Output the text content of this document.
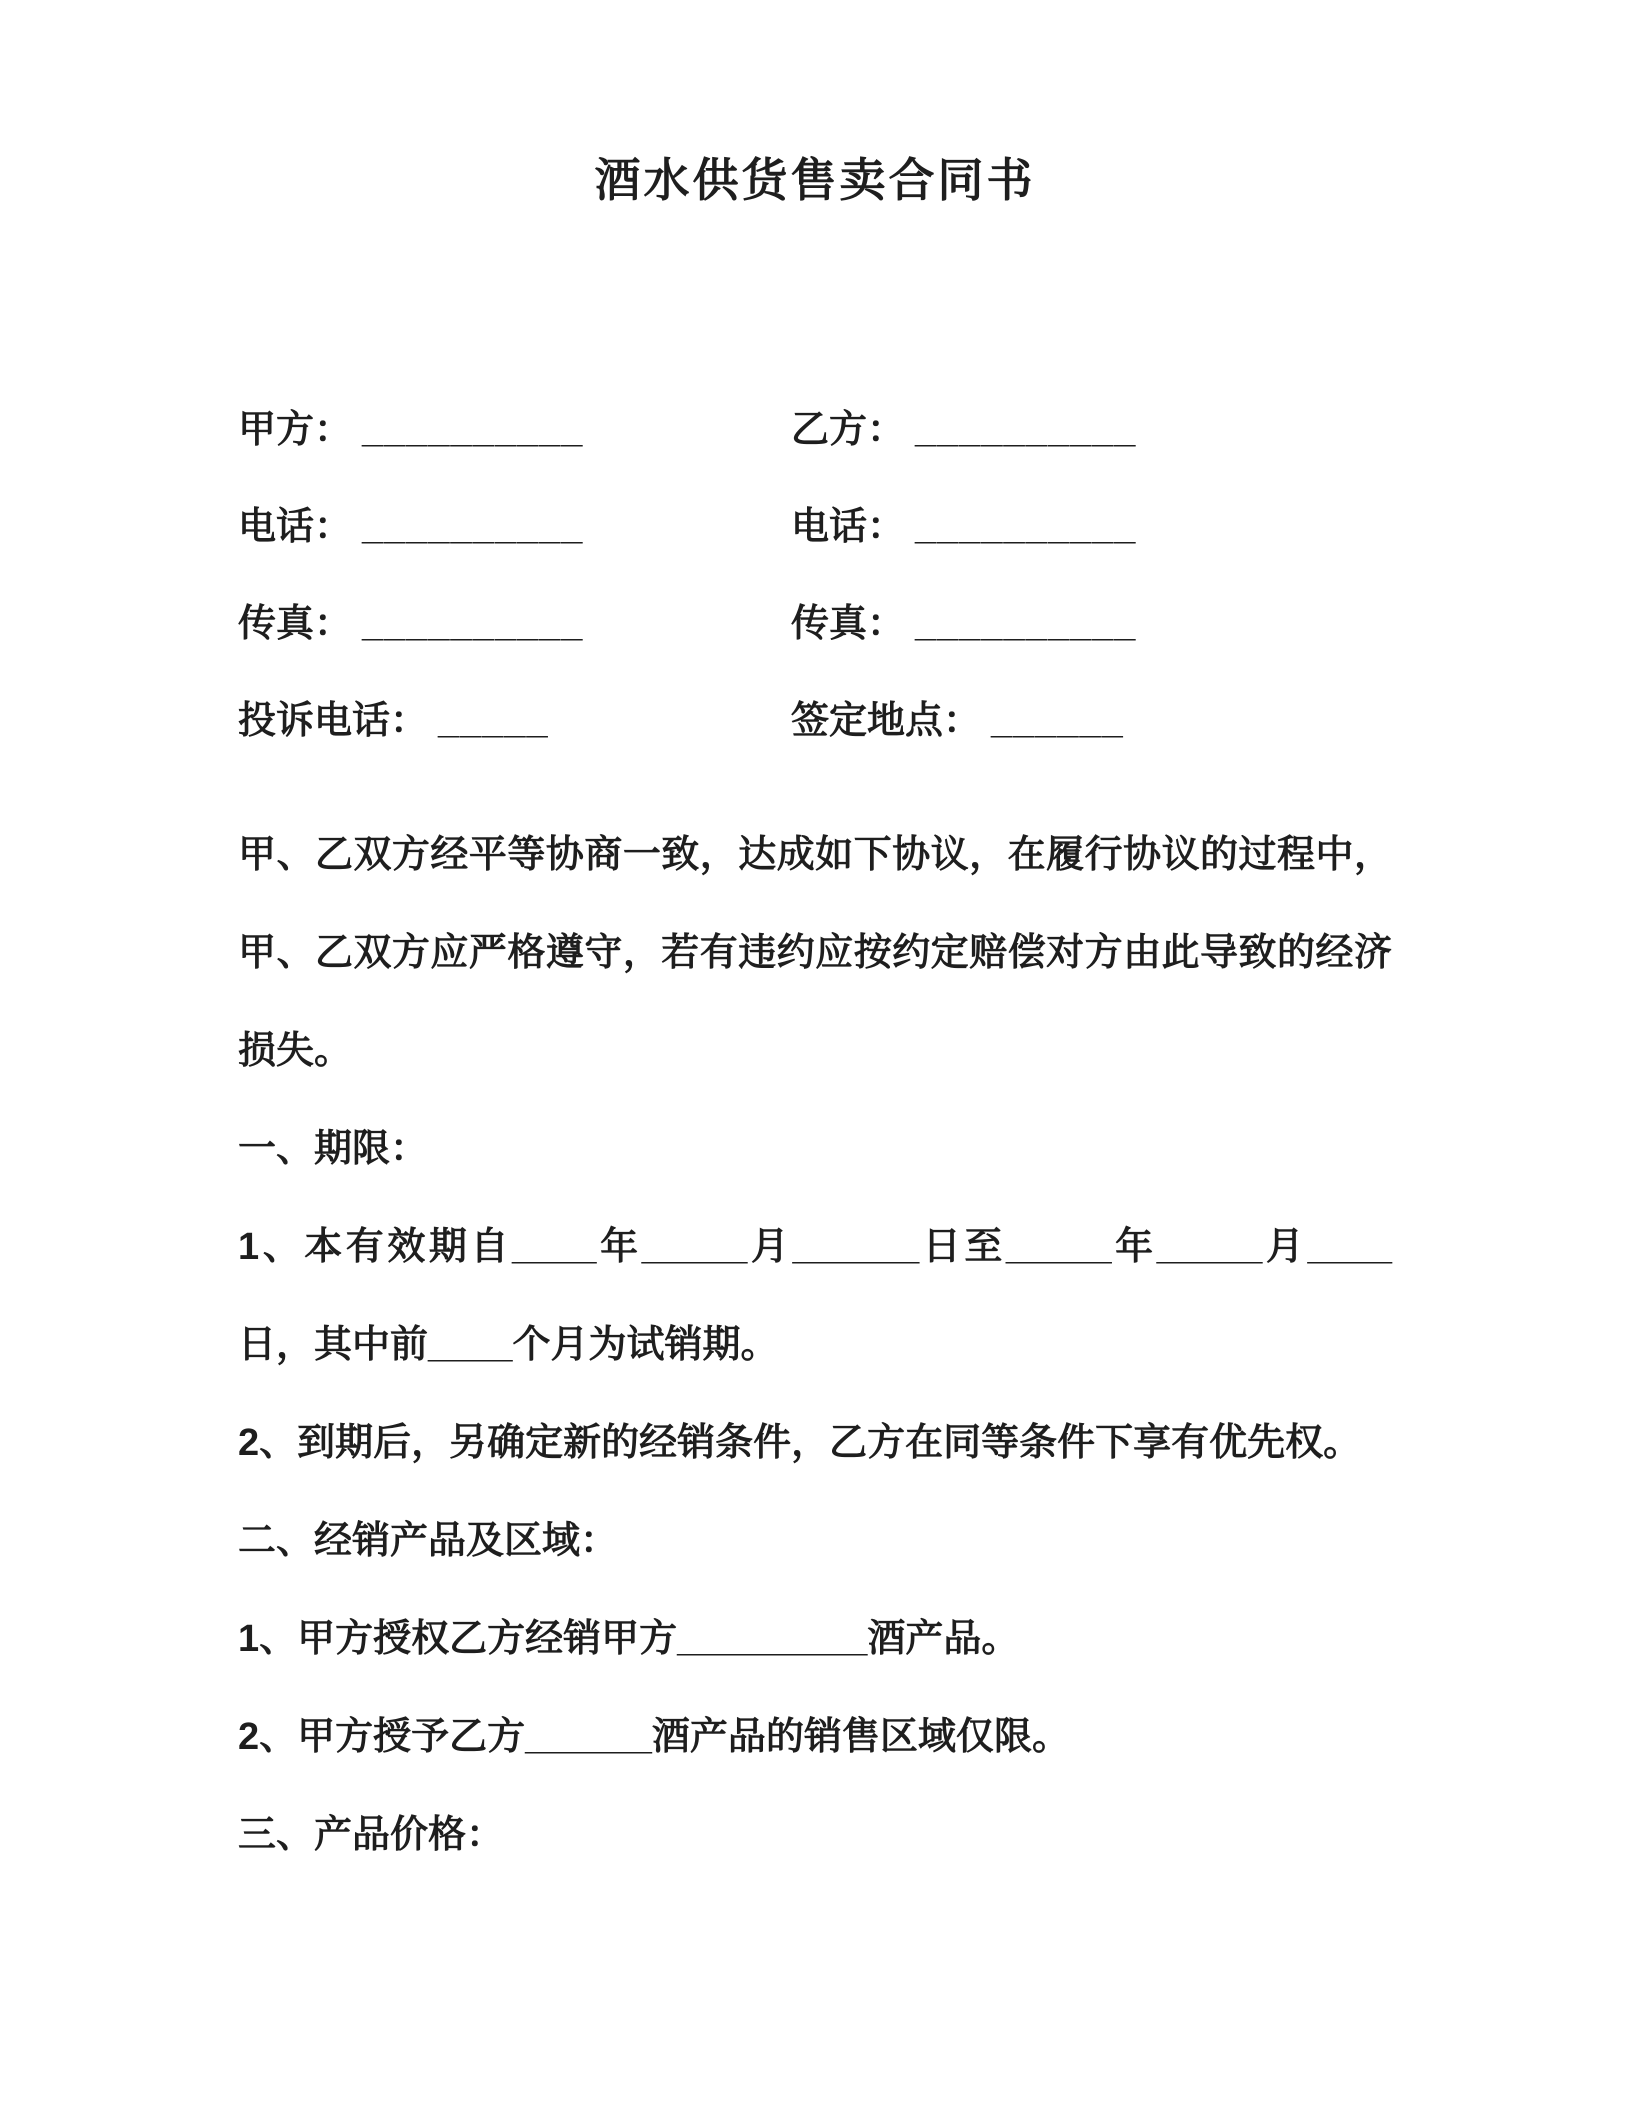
酒水供货售卖合同书
甲方： __________	乙方： __________
电话： __________	电话： __________
传真： __________	传真： __________
投诉电话： _____	签定地点： ______

甲、乙双方经平等协商一致，达成如下协议，在履行协议的过程中，甲、乙双方应严格遵守，若有违约应按约定赔偿对方由此导致的经济损失。

一、期限：

1、本有效期自____年_____月______日至_____年_____月____日，其中前____个月为试销期。

2、到期后，另确定新的经销条件，乙方在同等条件下享有优先权。

二、经销产品及区域：

1、甲方授权乙方经销甲方_________酒产品。

2、甲方授予乙方______酒产品的销售区域仅限。

三、产品价格：
